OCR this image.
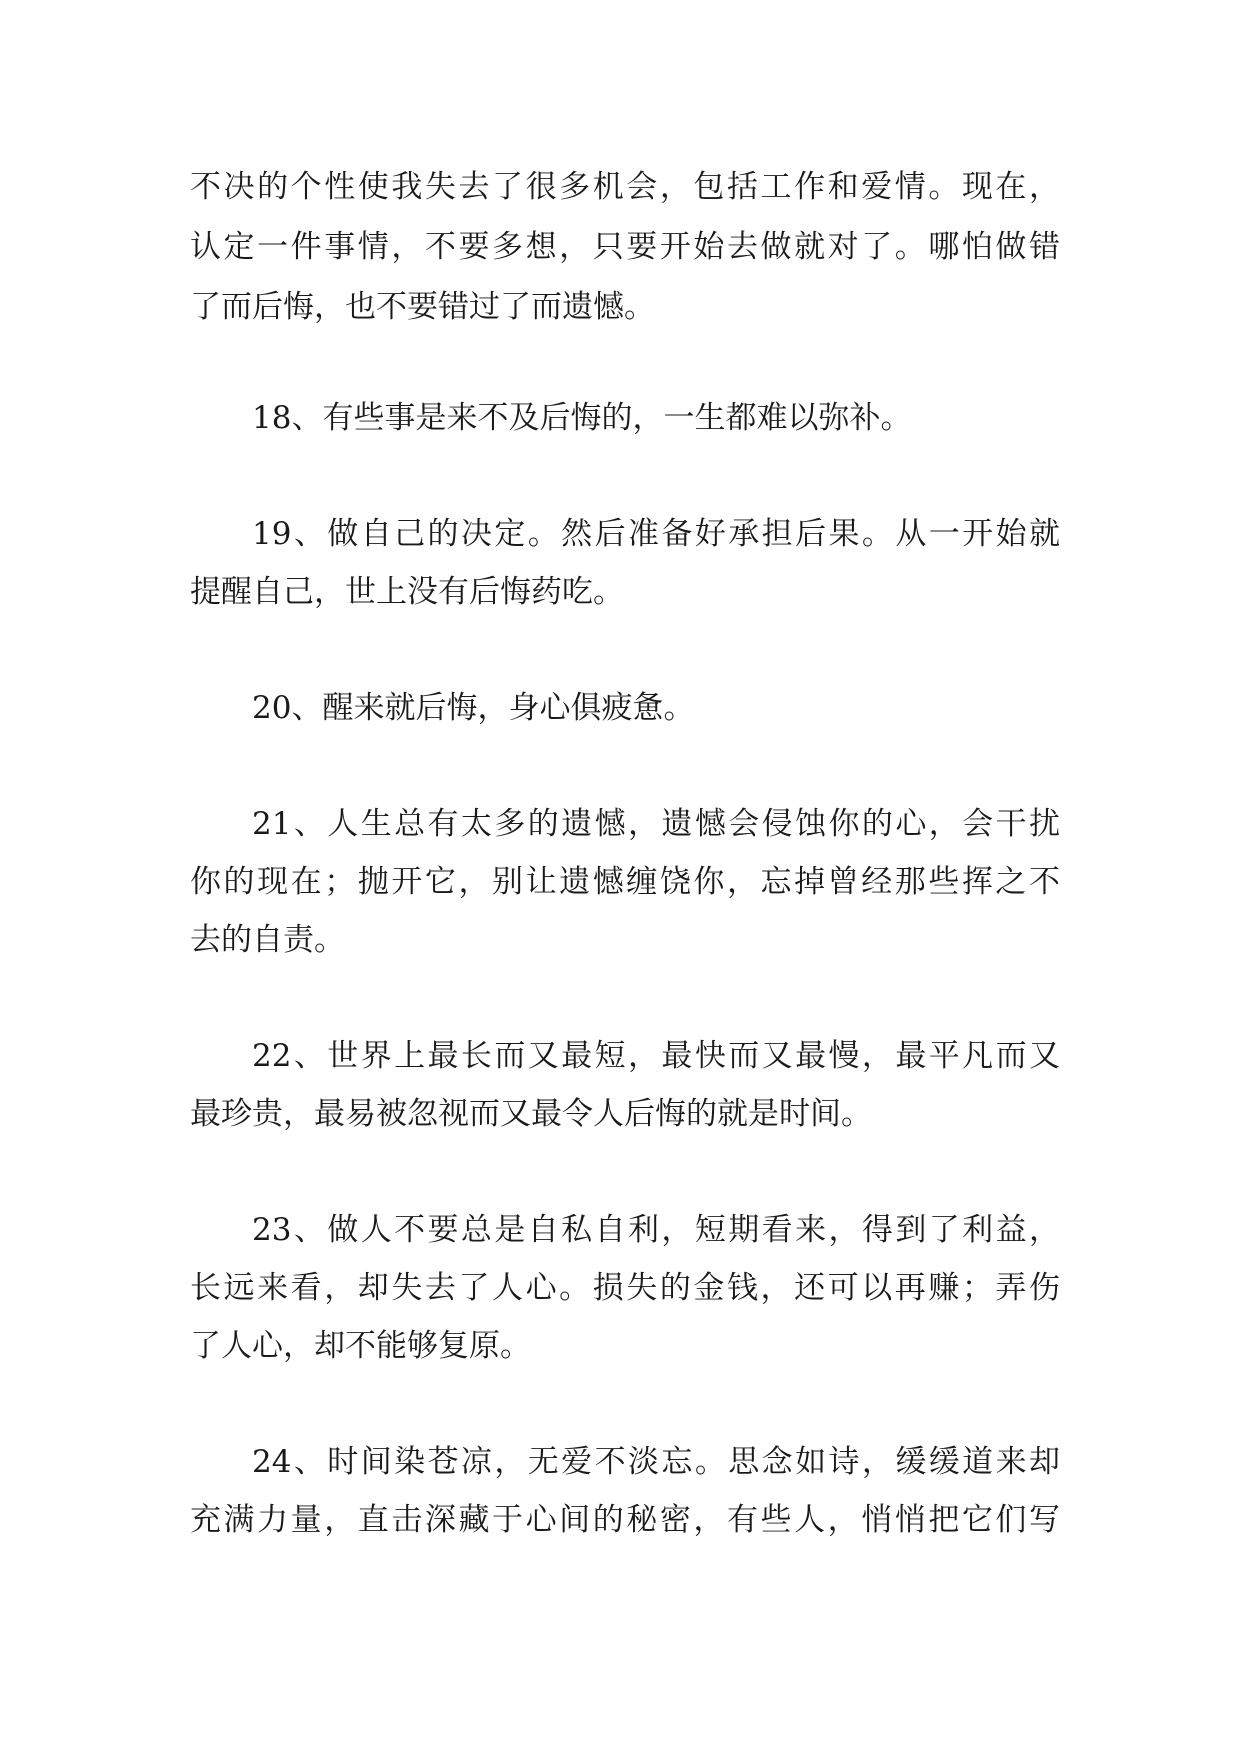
不决的个性使我失去了很多机会，包括工作和爱情。现在，
认定一件事情，不要多想，只要开始去做就对了。哪怕做错
了而后悔，也不要错过了而遗憾。
18、有些事是来不及后悔的，一生都难以弥补。
19、做自己的决定。然后准备好承担后果。从一开始就
提醒自己，世上没有后悔药吃。
20、醒来就后悔，身心俱疲惫。
21、人生总有太多的遗憾，遗憾会侵蚀你的心，会干扰
你的现在；抛开它，别让遗憾缠饶你，忘掉曾经那些挥之不
去的自责。
22、世界上最长而又最短，最快而又最慢，最平凡而又
最珍贵，最易被忽视而又最令人后悔的就是时间。
23、做人不要总是自私自利，短期看来，得到了利益，
长远来看，却失去了人心。损失的金钱，还可以再赚；弄伤
了人心，却不能够复原。
24、时间染苍凉，无爱不淡忘。思念如诗，缓缓道来却
充满力量，直击深藏于心间的秘密，有些人，悄悄把它们写
